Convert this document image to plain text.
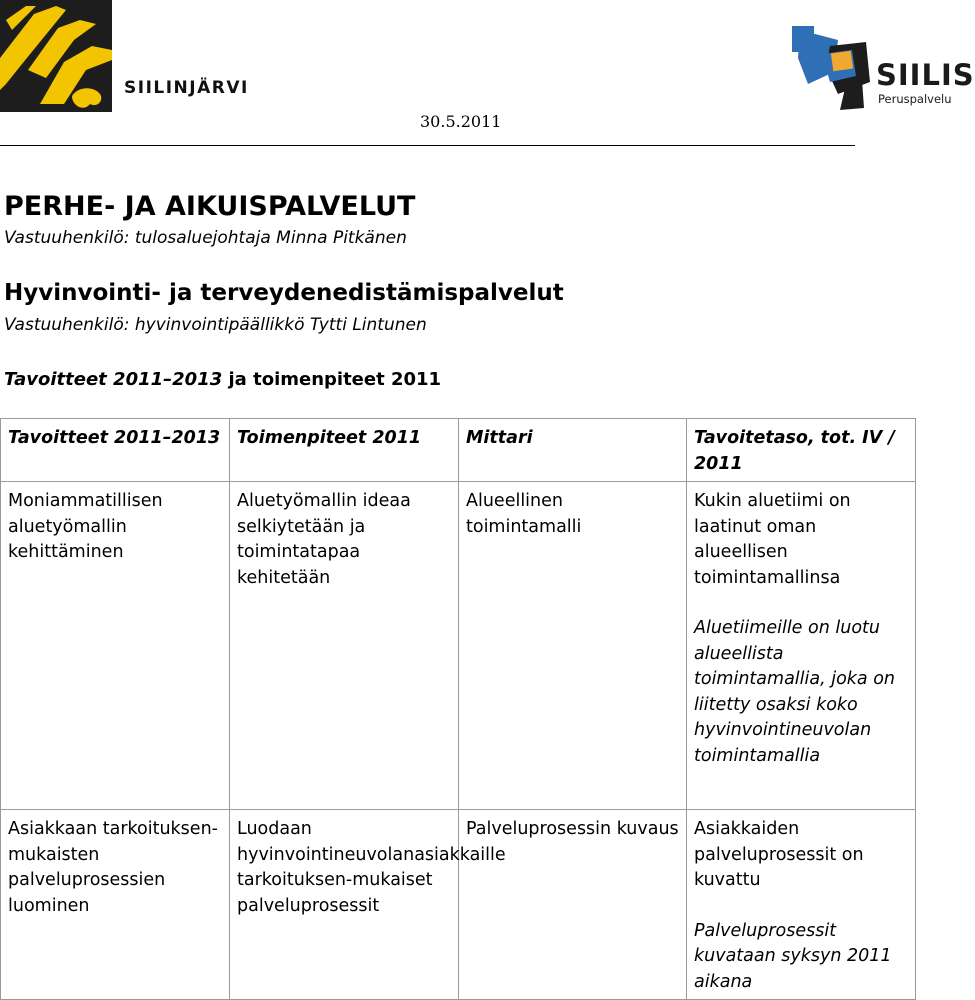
SIILINJÄRVI	SIILIS
Peruspalvelu
30.5.2011
PERHE- JA AIKUISPALVELUT
Vastuuhenkilö: tulosaluejohtaja Minna Pitkänen
Hyvinvointi- ja terveydenedistämispalvelut
Vastuuhenkilö: hyvinvointipäällikkö Tytti Lintunen
Tavoitteet 2011–2013 ja toimenpiteet 2011
Tavoitteet 2011–2013	Toimenpiteet 2011	Mittari	Tavoitetaso, tot. IV / 2011
Moniammatillisen aluetyömallin kehittäminen	Aluetyömallin ideaa selkiytetään ja toimintatapaa kehitetään	Alueellinen toimintamalli	Kukin aluetiimi on laatinut oman alueellisen toimintamallinsa
Aluetiimeille on luotu alueellista toimintamallia, joka on liitetty osaksi koko hyvinvointineuvolan toimintamallia

Asiakkaan tarkoituksen-mukaisten palveluprosessien luominen	Luodaan hyvinvointineuvolanasiakkaille tarkoituksen-mukaiset palveluprosessit	Palveluprosessin kuvaus	Asiakkaiden palveluprosessit on kuvattu
Palveluprosessit kuvataan syksyn 2011 aikana
